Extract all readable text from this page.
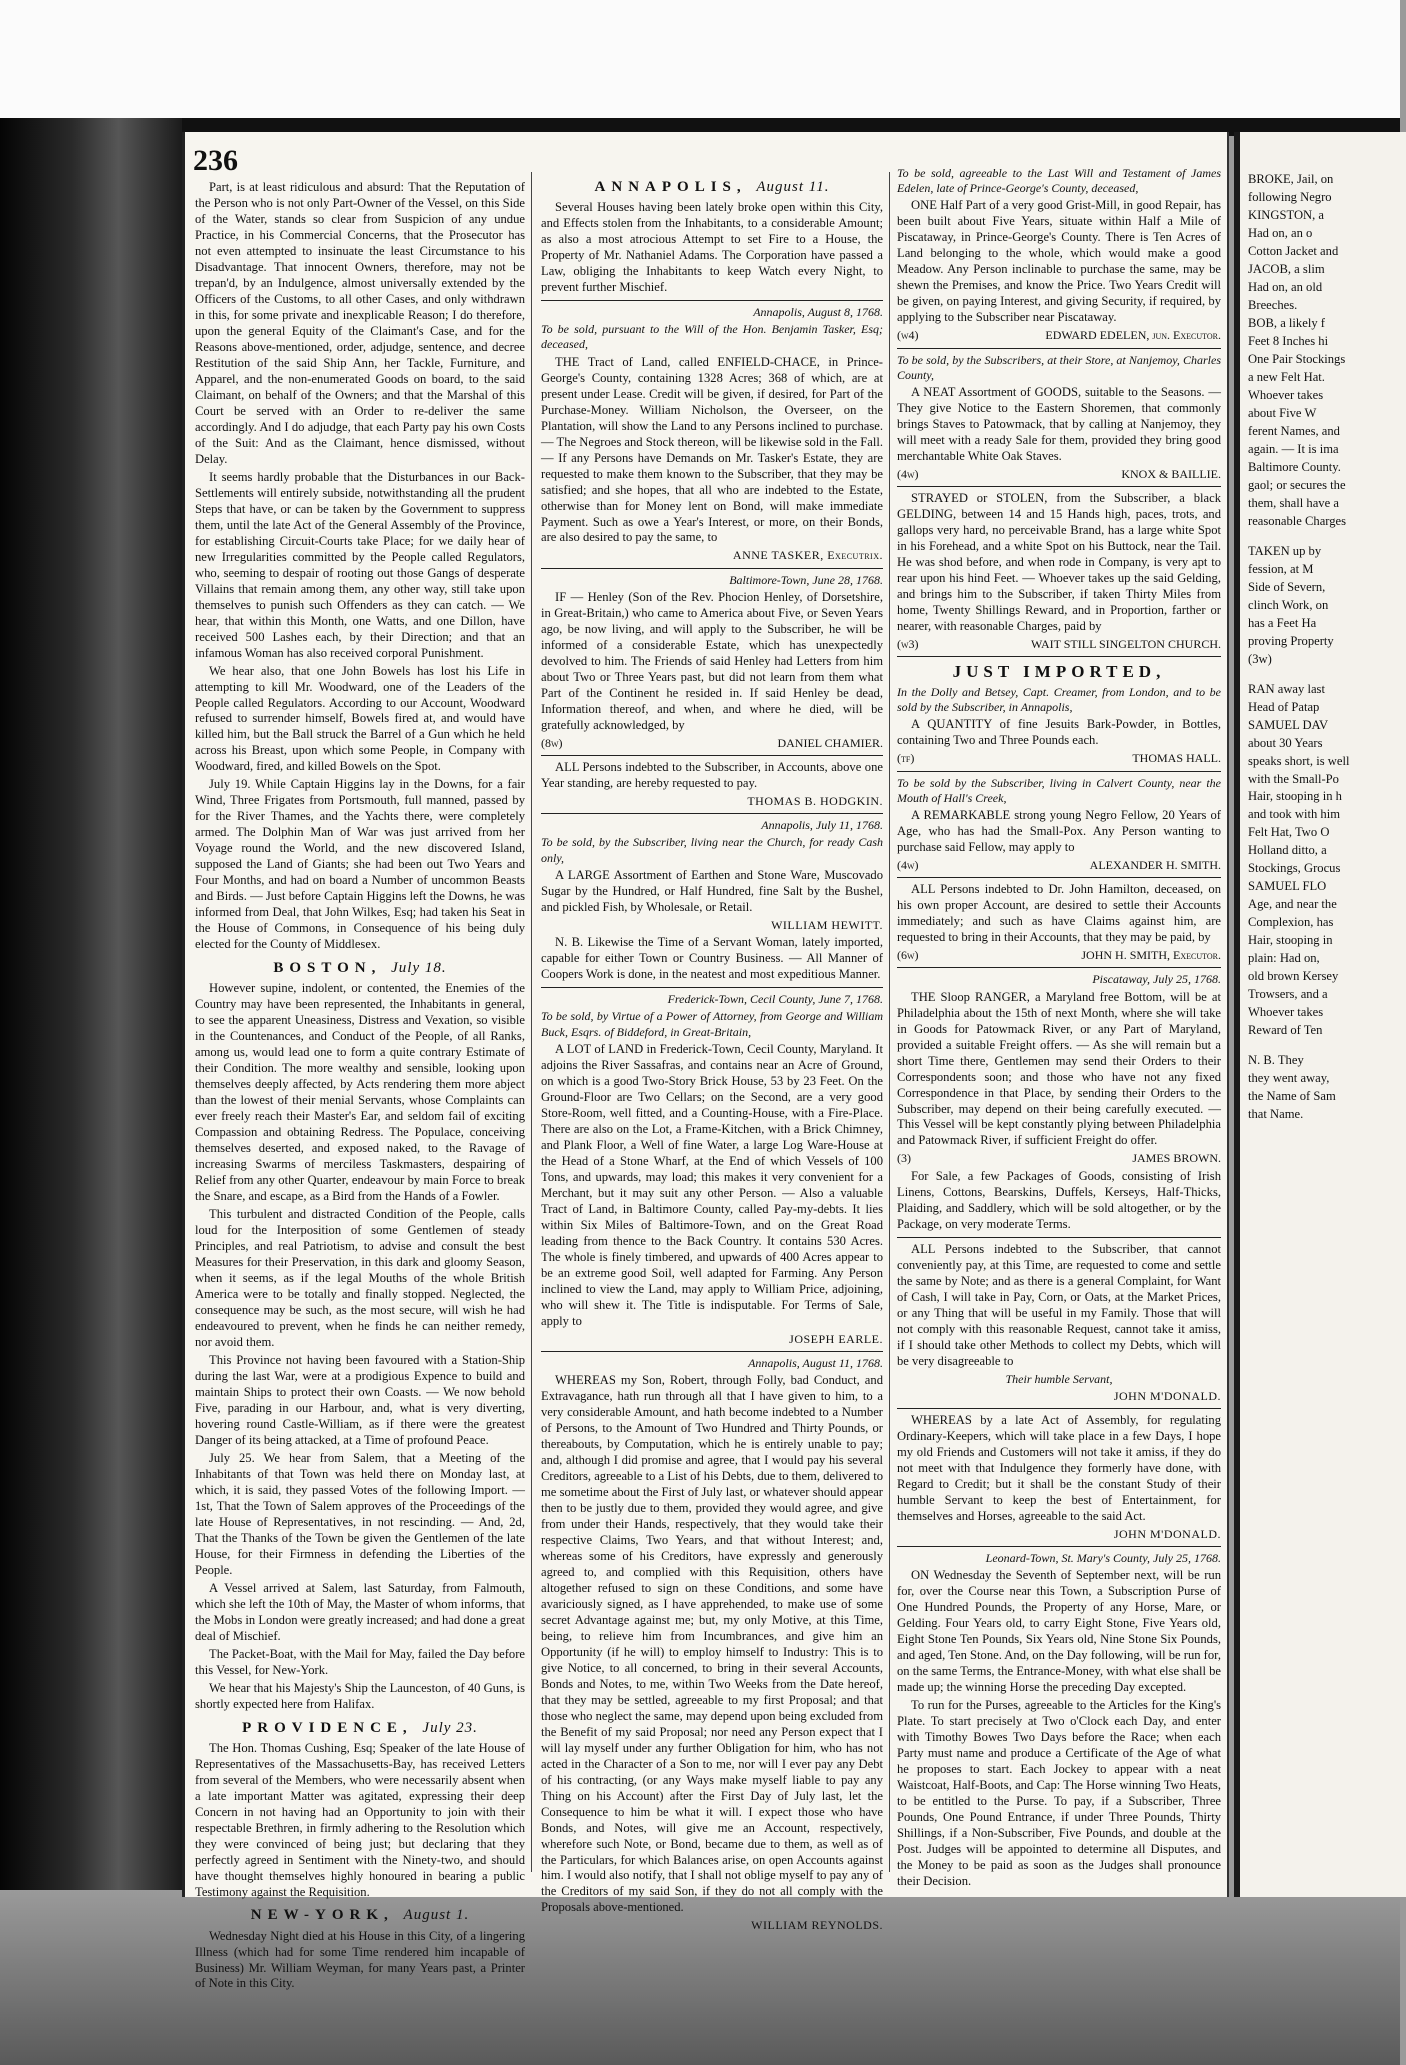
236

Part, is at least ridiculous and absurd: That the Reputation of the Person who is not only Part-Owner of the Vessel, on this Side of the Water, stands so clear from Suspicion of any undue Practice, in his Commercial Concerns, that the Prosecutor has not even attempted to insinuate the least Circumstance to his Disadvantage. That innocent Owners, therefore, may not be trepan'd, by an Indulgence, almost universally extended by the Officers of the Customs, to all other Cases, and only withdrawn in this, for some private and inexplicable Reason; I do therefore, upon the general Equity of the Claimant's Case, and for the Reasons above-mentioned, order, adjudge, sentence, and decree Restitution of the said Ship Ann, her Tackle, Furniture, and Apparel, and the non-enumerated Goods on board, to the said Claimant, on behalf of the Owners; and that the Marshal of this Court be served with an Order to re-deliver the same accordingly. And I do adjudge, that each Party pay his own Costs of the Suit: And as the Claimant, hence dismissed, without Delay.

It seems hardly probable that the Disturbances in our Back-Settlements will entirely subside, notwithstanding all the prudent Steps that have, or can be taken by the Government to suppress them, until the late Act of the General Assembly of the Province, for establishing Circuit-Courts take Place; for we daily hear of new Irregularities committed by the People called Regulators, who, seeming to despair of rooting out those Gangs of desperate Villains that remain among them, any other way, still take upon themselves to punish such Offenders as they can catch. — We hear, that within this Month, one Watts, and one Dillon, have received 500 Lashes each, by their Direction; and that an infamous Woman has also received corporal Punishment.

We hear also, that one John Bowels has lost his Life in attempting to kill Mr. Woodward, one of the Leaders of the People called Regulators. According to our Account, Woodward refused to surrender himself, Bowels fired at, and would have killed him, but the Ball struck the Barrel of a Gun which he held across his Breast, upon which some People, in Company with Woodward, fired, and killed Bowels on the Spot.

July 19. While Captain Higgins lay in the Downs, for a fair Wind, Three Frigates from Portsmouth, full manned, passed by for the River Thames, and the Yachts there, were completely armed. The Dolphin Man of War was just arrived from her Voyage round the World, and the new discovered Island, supposed the Land of Giants; she had been out Two Years and Four Months, and had on board a Number of uncommon Beasts and Birds. — Just before Captain Higgins left the Downs, he was informed from Deal, that John Wilkes, Esq; had taken his Seat in the House of Commons, in Consequence of his being duly elected for the County of Middlesex.

BOSTON, July 18.

However supine, indolent, or contented, the Enemies of the Country may have been represented, the Inhabitants in general, to see the apparent Uneasiness, Distress and Vexation, so visible in the Countenances, and Conduct of the People, of all Ranks, among us, would lead one to form a quite contrary Estimate of their Condition. The more wealthy and sensible, looking upon themselves deeply affected, by Acts rendering them more abject than the lowest of their menial Servants, whose Complaints can ever freely reach their Master's Ear, and seldom fail of exciting Compassion and obtaining Redress. The Populace, conceiving themselves deserted, and exposed naked, to the Ravage of increasing Swarms of merciless Taskmasters, despairing of Relief from any other Quarter, endeavour by main Force to break the Snare, and escape, as a Bird from the Hands of a Fowler.

This turbulent and distracted Condition of the People, calls loud for the Interposition of some Gentlemen of steady Principles, and real Patriotism, to advise and consult the best Measures for their Preservation, in this dark and gloomy Season, when it seems, as if the legal Mouths of the whole British America were to be totally and finally stopped. Neglected, the consequence may be such, as the most secure, will wish he had endeavoured to prevent, when he finds he can neither remedy, nor avoid them.

This Province not having been favoured with a Station-Ship during the last War, were at a prodigious Expence to build and maintain Ships to protect their own Coasts. — We now behold Five, parading in our Harbour, and, what is very diverting, hovering round Castle-William, as if there were the greatest Danger of its being attacked, at a Time of profound Peace.

July 25. We hear from Salem, that a Meeting of the Inhabitants of that Town was held there on Monday last, at which, it is said, they passed Votes of the following Import. — 1st, That the Town of Salem approves of the Proceedings of the late House of Representatives, in not rescinding. — And, 2d, That the Thanks of the Town be given the Gentlemen of the late House, for their Firmness in defending the Liberties of the People.

A Vessel arrived at Salem, last Saturday, from Falmouth, which she left the 10th of May, the Master of whom informs, that the Mobs in London were greatly increased; and had done a great deal of Mischief.

The Packet-Boat, with the Mail for May, failed the Day before this Vessel, for New-York.

We hear that his Majesty's Ship the Launceston, of 40 Guns, is shortly expected here from Halifax.

PROVIDENCE, July 23.

The Hon. Thomas Cushing, Esq; Speaker of the late House of Representatives of the Massachusetts-Bay, has received Letters from several of the Members, who were necessarily absent when a late important Matter was agitated, expressing their deep Concern in not having had an Opportunity to join with their respectable Brethren, in firmly adhering to the Resolution which they were convinced of being just; but declaring that they perfectly agreed in Sentiment with the Ninety-two, and should have thought themselves highly honoured in bearing a public Testimony against the Requisition.

NEW-YORK, August 1.

Wednesday Night died at his House in this City, of a lingering Illness (which had for some Time rendered him incapable of Business) Mr. William Weyman, for many Years past, a Printer of Note in this City.

ANNAPOLIS, August 11.

Several Houses having been lately broke open within this City, and Effects stolen from the Inhabitants, to a considerable Amount; as also a most atrocious Attempt to set Fire to a House, the Property of Mr. Nathaniel Adams. The Corporation have passed a Law, obliging the Inhabitants to keep Watch every Night, to prevent further Mischief.

Annapolis, August 8, 1768.

To be sold, pursuant to the Will of the Hon. Benjamin Tasker, Esq; deceased,

THE Tract of Land, called ENFIELD-CHACE, in Prince-George's County, containing 1328 Acres; 368 of which, are at present under Lease. Credit will be given, if desired, for Part of the Purchase-Money. William Nicholson, the Overseer, on the Plantation, will show the Land to any Persons inclined to purchase. — The Negroes and Stock thereon, will be likewise sold in the Fall. — If any Persons have Demands on Mr. Tasker's Estate, they are requested to make them known to the Subscriber, that they may be satisfied; and she hopes, that all who are indebted to the Estate, otherwise than for Money lent on Bond, will make immediate Payment. Such as owe a Year's Interest, or more, on their Bonds, are also desired to pay the same, to

ANNE TASKER, Executrix.

Baltimore-Town, June 28, 1768.

IF — Henley (Son of the Rev. Phocion Henley, of Dorsetshire, in Great-Britain,) who came to America about Five, or Seven Years ago, be now living, and will apply to the Subscriber, he will be informed of a considerable Estate, which has unexpectedly devolved to him. The Friends of said Henley had Letters from him about Two or Three Years past, but did not learn from them what Part of the Continent he resided in. If said Henley be dead, Information thereof, and when, and where he died, will be gratefully acknowledged, by

(8w)	DANIEL CHAMIER.

ALL Persons indebted to the Subscriber, in Accounts, above one Year standing, are hereby requested to pay.

THOMAS B. HODGKIN.

Annapolis, July 11, 1768.

To be sold, by the Subscriber, living near the Church, for ready Cash only,

A LARGE Assortment of Earthen and Stone Ware, Muscovado Sugar by the Hundred, or Half Hundred, fine Salt by the Bushel, and pickled Fish, by Wholesale, or Retail.

WILLIAM HEWITT.

N. B. Likewise the Time of a Servant Woman, lately imported, capable for either Town or Country Business. — All Manner of Coopers Work is done, in the neatest and most expeditious Manner.

Frederick-Town, Cecil County, June 7, 1768.

To be sold, by Virtue of a Power of Attorney, from George and William Buck, Esqrs. of Biddeford, in Great-Britain,

A LOT of LAND in Frederick-Town, Cecil County, Maryland. It adjoins the River Sassafras, and contains near an Acre of Ground, on which is a good Two-Story Brick House, 53 by 23 Feet. On the Ground-Floor are Two Cellars; on the Second, are a very good Store-Room, well fitted, and a Counting-House, with a Fire-Place. There are also on the Lot, a Frame-Kitchen, with a Brick Chimney, and Plank Floor, a Well of fine Water, a large Log Ware-House at the Head of a Stone Wharf, at the End of which Vessels of 100 Tons, and upwards, may load; this makes it very convenient for a Merchant, but it may suit any other Person. — Also a valuable Tract of Land, in Baltimore County, called Pay-my-debts. It lies within Six Miles of Baltimore-Town, and on the Great Road leading from thence to the Back Country. It contains 530 Acres. The whole is finely timbered, and upwards of 400 Acres appear to be an extreme good Soil, well adapted for Farming. Any Person inclined to view the Land, may apply to William Price, adjoining, who will shew it. The Title is indisputable. For Terms of Sale, apply to

JOSEPH EARLE.

Annapolis, August 11, 1768.

WHEREAS my Son, Robert, through Folly, bad Conduct, and Extravagance, hath run through all that I have given to him, to a very considerable Amount, and hath become indebted to a Number of Persons, to the Amount of Two Hundred and Thirty Pounds, or thereabouts, by Computation, which he is entirely unable to pay; and, although I did promise and agree, that I would pay his several Creditors, agreeable to a List of his Debts, due to them, delivered to me sometime about the First of July last, or whatever should appear then to be justly due to them, provided they would agree, and give from under their Hands, respectively, that they would take their respective Claims, Two Years, and that without Interest; and, whereas some of his Creditors, have expressly and generously agreed to, and complied with this Requisition, others have altogether refused to sign on these Conditions, and some have avariciously signed, as I have apprehended, to make use of some secret Advantage against me; but, my only Motive, at this Time, being, to relieve him from Incumbrances, and give him an Opportunity (if he will) to employ himself to Industry: This is to give Notice, to all concerned, to bring in their several Accounts, Bonds and Notes, to me, within Two Weeks from the Date hereof, that they may be settled, agreeable to my first Proposal; and that those who neglect the same, may depend upon being excluded from the Benefit of my said Proposal; nor need any Person expect that I will lay myself under any further Obligation for him, who has not acted in the Character of a Son to me, nor will I ever pay any Debt of his contracting, (or any Ways make myself liable to pay any Thing on his Account) after the First Day of July last, let the Consequence to him be what it will. I expect those who have Bonds, and Notes, will give me an Account, respectively, wherefore such Note, or Bond, became due to them, as well as of the Particulars, for which Balances arise, on open Accounts against him. I would also notify, that I shall not oblige myself to pay any of the Creditors of my said Son, if they do not all comply with the Proposals above-mentioned.

WILLIAM REYNOLDS.

To be sold, agreeable to the Last Will and Testament of James Edelen, late of Prince-George's County, deceased,

ONE Half Part of a very good Grist-Mill, in good Repair, has been built about Five Years, situate within Half a Mile of Piscataway, in Prince-George's County. There is Ten Acres of Land belonging to the whole, which would make a good Meadow. Any Person inclinable to purchase the same, may be shewn the Premises, and know the Price. Two Years Credit will be given, on paying Interest, and giving Security, if required, by applying to the Subscriber near Piscataway.

(w4)	EDWARD EDELEN, jun. Executor.

To be sold, by the Subscribers, at their Store, at Nanjemoy, Charles County,

A NEAT Assortment of GOODS, suitable to the Seasons. — They give Notice to the Eastern Shoremen, that commonly brings Staves to Patowmack, that by calling at Nanjemoy, they will meet with a ready Sale for them, provided they bring good merchantable White Oak Staves.

(4w)	KNOX & BAILLIE.

STRAYED or STOLEN, from the Subscriber, a black GELDING, between 14 and 15 Hands high, paces, trots, and gallops very hard, no perceivable Brand, has a large white Spot in his Forehead, and a white Spot on his Buttock, near the Tail. He was shod before, and when rode in Company, is very apt to rear upon his hind Feet. — Whoever takes up the said Gelding, and brings him to the Subscriber, if taken Thirty Miles from home, Twenty Shillings Reward, and in Proportion, farther or nearer, with reasonable Charges, paid by

(w3)	WAIT STILL SINGELTON CHURCH.
JUST IMPORTED,

In the Dolly and Betsey, Capt. Creamer, from London, and to be sold by the Subscriber, in Annapolis,

A QUANTITY of fine Jesuits Bark-Powder, in Bottles, containing Two and Three Pounds each.

(tf)	THOMAS HALL.

To be sold by the Subscriber, living in Calvert County, near the Mouth of Hall's Creek,

A REMARKABLE strong young Negro Fellow, 20 Years of Age, who has had the Small-Pox. Any Person wanting to purchase said Fellow, may apply to

(4w)	ALEXANDER H. SMITH.

ALL Persons indebted to Dr. John Hamilton, deceased, on his own proper Account, are desired to settle their Accounts immediately; and such as have Claims against him, are requested to bring in their Accounts, that they may be paid, by

(6w)	JOHN H. SMITH, Executor.

Piscataway, July 25, 1768.

THE Sloop RANGER, a Maryland free Bottom, will be at Philadelphia about the 15th of next Month, where she will take in Goods for Patowmack River, or any Part of Maryland, provided a suitable Freight offers. — As she will remain but a short Time there, Gentlemen may send their Orders to their Correspondents soon; and those who have not any fixed Correspondence in that Place, by sending their Orders to the Subscriber, may depend on their being carefully executed. — This Vessel will be kept constantly plying between Philadelphia and Patowmack River, if sufficient Freight do offer.

(3)	JAMES BROWN.

For Sale, a few Packages of Goods, consisting of Irish Linens, Cottons, Bearskins, Duffels, Kerseys, Half-Thicks, Plaiding, and Saddlery, which will be sold altogether, or by the Package, on very moderate Terms.

ALL Persons indebted to the Subscriber, that cannot conveniently pay, at this Time, are requested to come and settle the same by Note; and as there is a general Complaint, for Want of Cash, I will take in Pay, Corn, or Oats, at the Market Prices, or any Thing that will be useful in my Family. Those that will not comply with this reasonable Request, cannot take it amiss, if I should take other Methods to collect my Debts, which will be very disagreeable to

Their humble Servant,

JOHN M'DONALD.

WHEREAS by a late Act of Assembly, for regulating Ordinary-Keepers, which will take place in a few Days, I hope my old Friends and Customers will not take it amiss, if they do not meet with that Indulgence they formerly have done, with Regard to Credit; but it shall be the constant Study of their humble Servant to keep the best of Entertainment, for themselves and Horses, agreeable to the said Act.

JOHN M'DONALD.

Leonard-Town, St. Mary's County, July 25, 1768.

ON Wednesday the Seventh of September next, will be run for, over the Course near this Town, a Subscription Purse of One Hundred Pounds, the Property of any Horse, Mare, or Gelding. Four Years old, to carry Eight Stone, Five Years old, Eight Stone Ten Pounds, Six Years old, Nine Stone Six Pounds, and aged, Ten Stone. And, on the Day following, will be run for, on the same Terms, the Entrance-Money, with what else shall be made up; the winning Horse the preceding Day excepted.

To run for the Purses, agreeable to the Articles for the King's Plate. To start precisely at Two o'Clock each Day, and enter with Timothy Bowes Two Days before the Race; when each Party must name and produce a Certificate of the Age of what he proposes to start. Each Jockey to appear with a neat Waistcoat, Half-Boots, and Cap: The Horse winning Two Heats, to be entitled to the Purse. To pay, if a Subscriber, Three Pounds, One Pound Entrance, if under Three Pounds, Thirty Shillings, if a Non-Subscriber, Five Pounds, and double at the Post. Judges will be appointed to determine all Disputes, and the Money to be paid as soon as the Judges shall pronounce their Decision.

BROKE, Jail, on

following Negro

KINGSTON, a

Had on, an o

Cotton Jacket and

JACOB, a slim

Had on, an old

Breeches.

BOB, a likely f

Feet 8 Inches hi

One Pair Stockings

a new Felt Hat.

Whoever takes

about Five W

ferent Names, and

again. — It is ima

Baltimore County.

gaol; or secures the

them, shall have a

reasonable Charges

TAKEN up by

fession, at M

Side of Severn,

clinch Work, on

has a Feet Ha

proving Property

(3w)

RAN away last

Head of Patap

SAMUEL DAV

about 30 Years

speaks short, is well

with the Small-Po

Hair, stooping in h

and took with him

Felt Hat, Two O

Holland ditto, a

Stockings, Grocus

SAMUEL FLO

Age, and near the

Complexion, has

Hair, stooping in

plain: Had on,

old brown Kersey

Trowsers, and a

Whoever takes

Reward of Ten

N. B. They

they went away,

the Name of Sam

that Name.
